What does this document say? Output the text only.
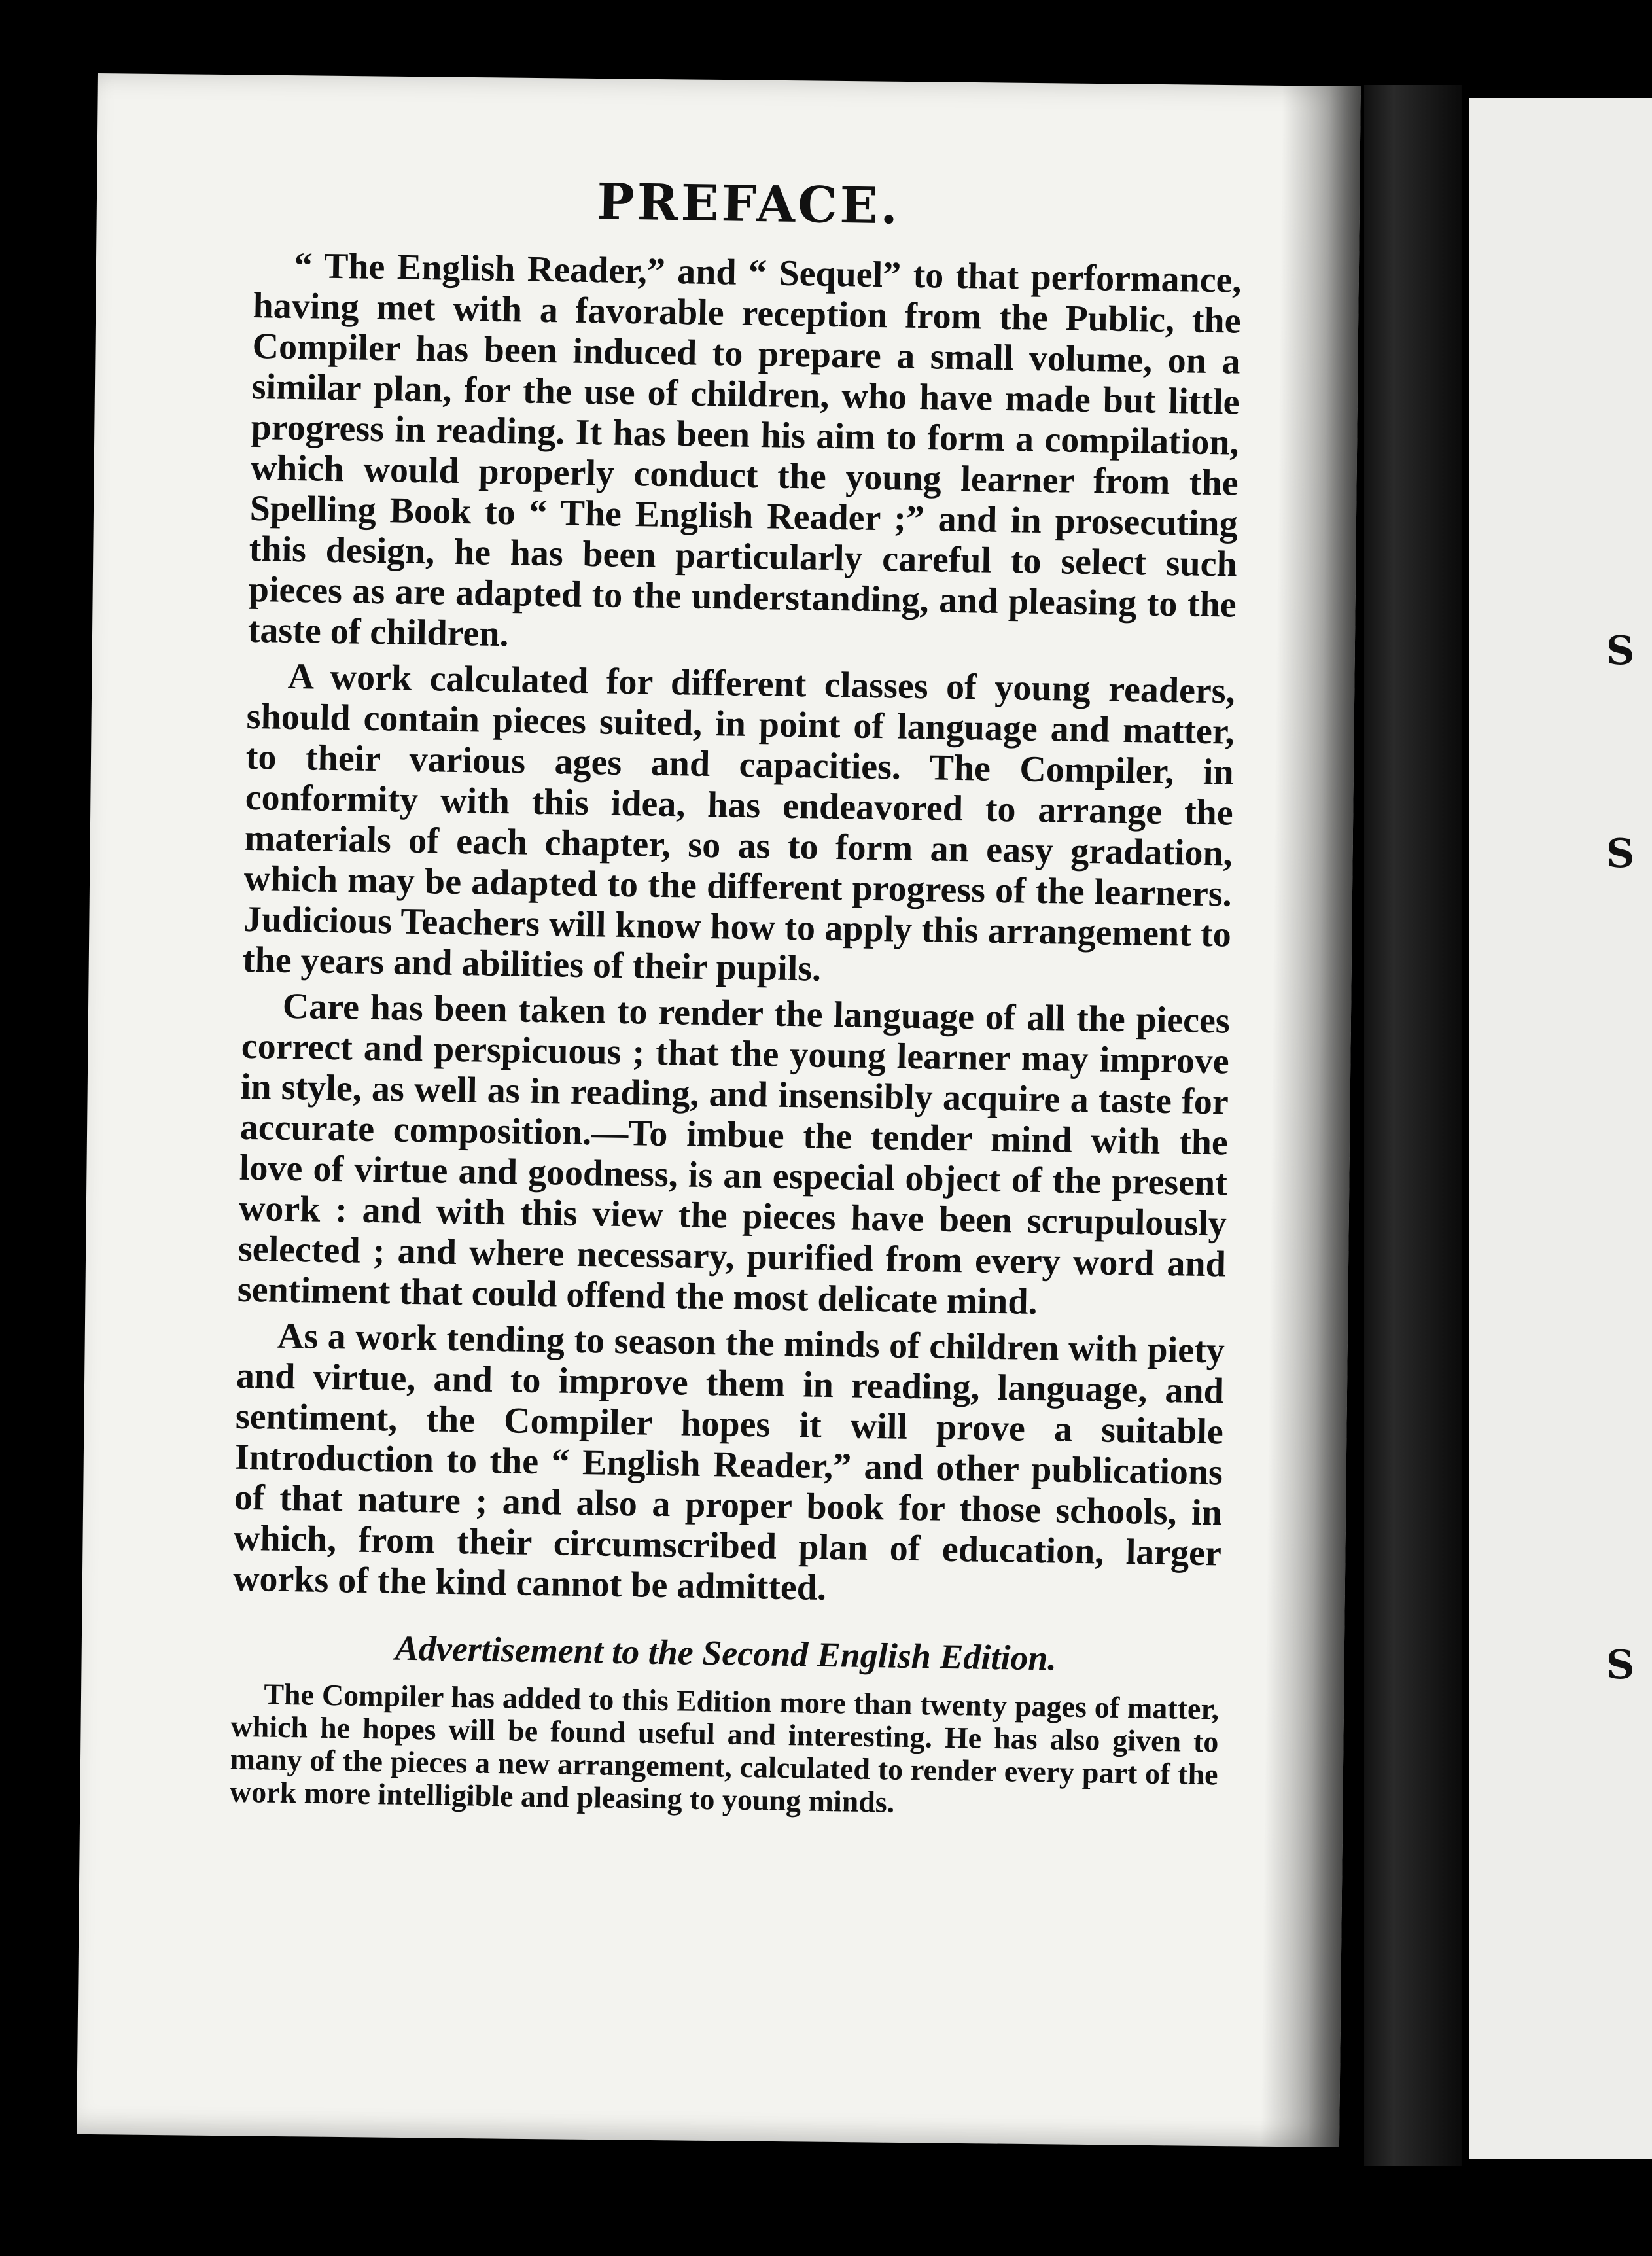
S
S
S
PREFACE.

“ The English Reader,” and “ Sequel” to that performance, having met with a favorable reception from the Public, the Compiler has been induced to prepare a small volume, on a similar plan, for the use of children, who have made but little progress in reading. It has been his aim to form a compilation, which would properly conduct the young learner from the Spelling Book to “ The English Reader ;” and in prosecuting this design, he has been particularly careful to select such pieces as are adapted to the understanding, and pleasing to the taste of children.

A work calculated for different classes of young readers, should contain pieces suited, in point of language and matter, to their various ages and capacities. The Compiler, in conformity with this idea, has endeavored to arrange the materials of each chapter, so as to form an easy gradation, which may be adapted to the different progress of the learners. Judicious Teachers will know how to apply this arrangement to the years and abilities of their pupils.

Care has been taken to render the language of all the pieces correct and perspicuous ; that the young learner may improve in style, as well as in reading, and insensibly acquire a taste for accurate composition.—To imbue the tender mind with the love of virtue and goodness, is an especial object of the present work : and with this view the pieces have been scrupulously selected ; and where necessary, purified from every word and sentiment that could offend the most delicate mind.

As a work tending to season the minds of children with piety and virtue, and to improve them in reading, language, and sentiment, the Compiler hopes it will prove a suitable Introduction to the “ English Reader,” and other publications of that nature ; and also a proper book for those schools, in which, from their circumscribed plan of education, larger works of the kind cannot be admitted.

Advertisement to the Second English Edition.

The Compiler has added to this Edition more than twenty pages of matter, which he hopes will be found useful and interesting. He has also given to many of the pieces a new arrangement, calculated to render every part of the work more intelligible and pleasing to young minds.
